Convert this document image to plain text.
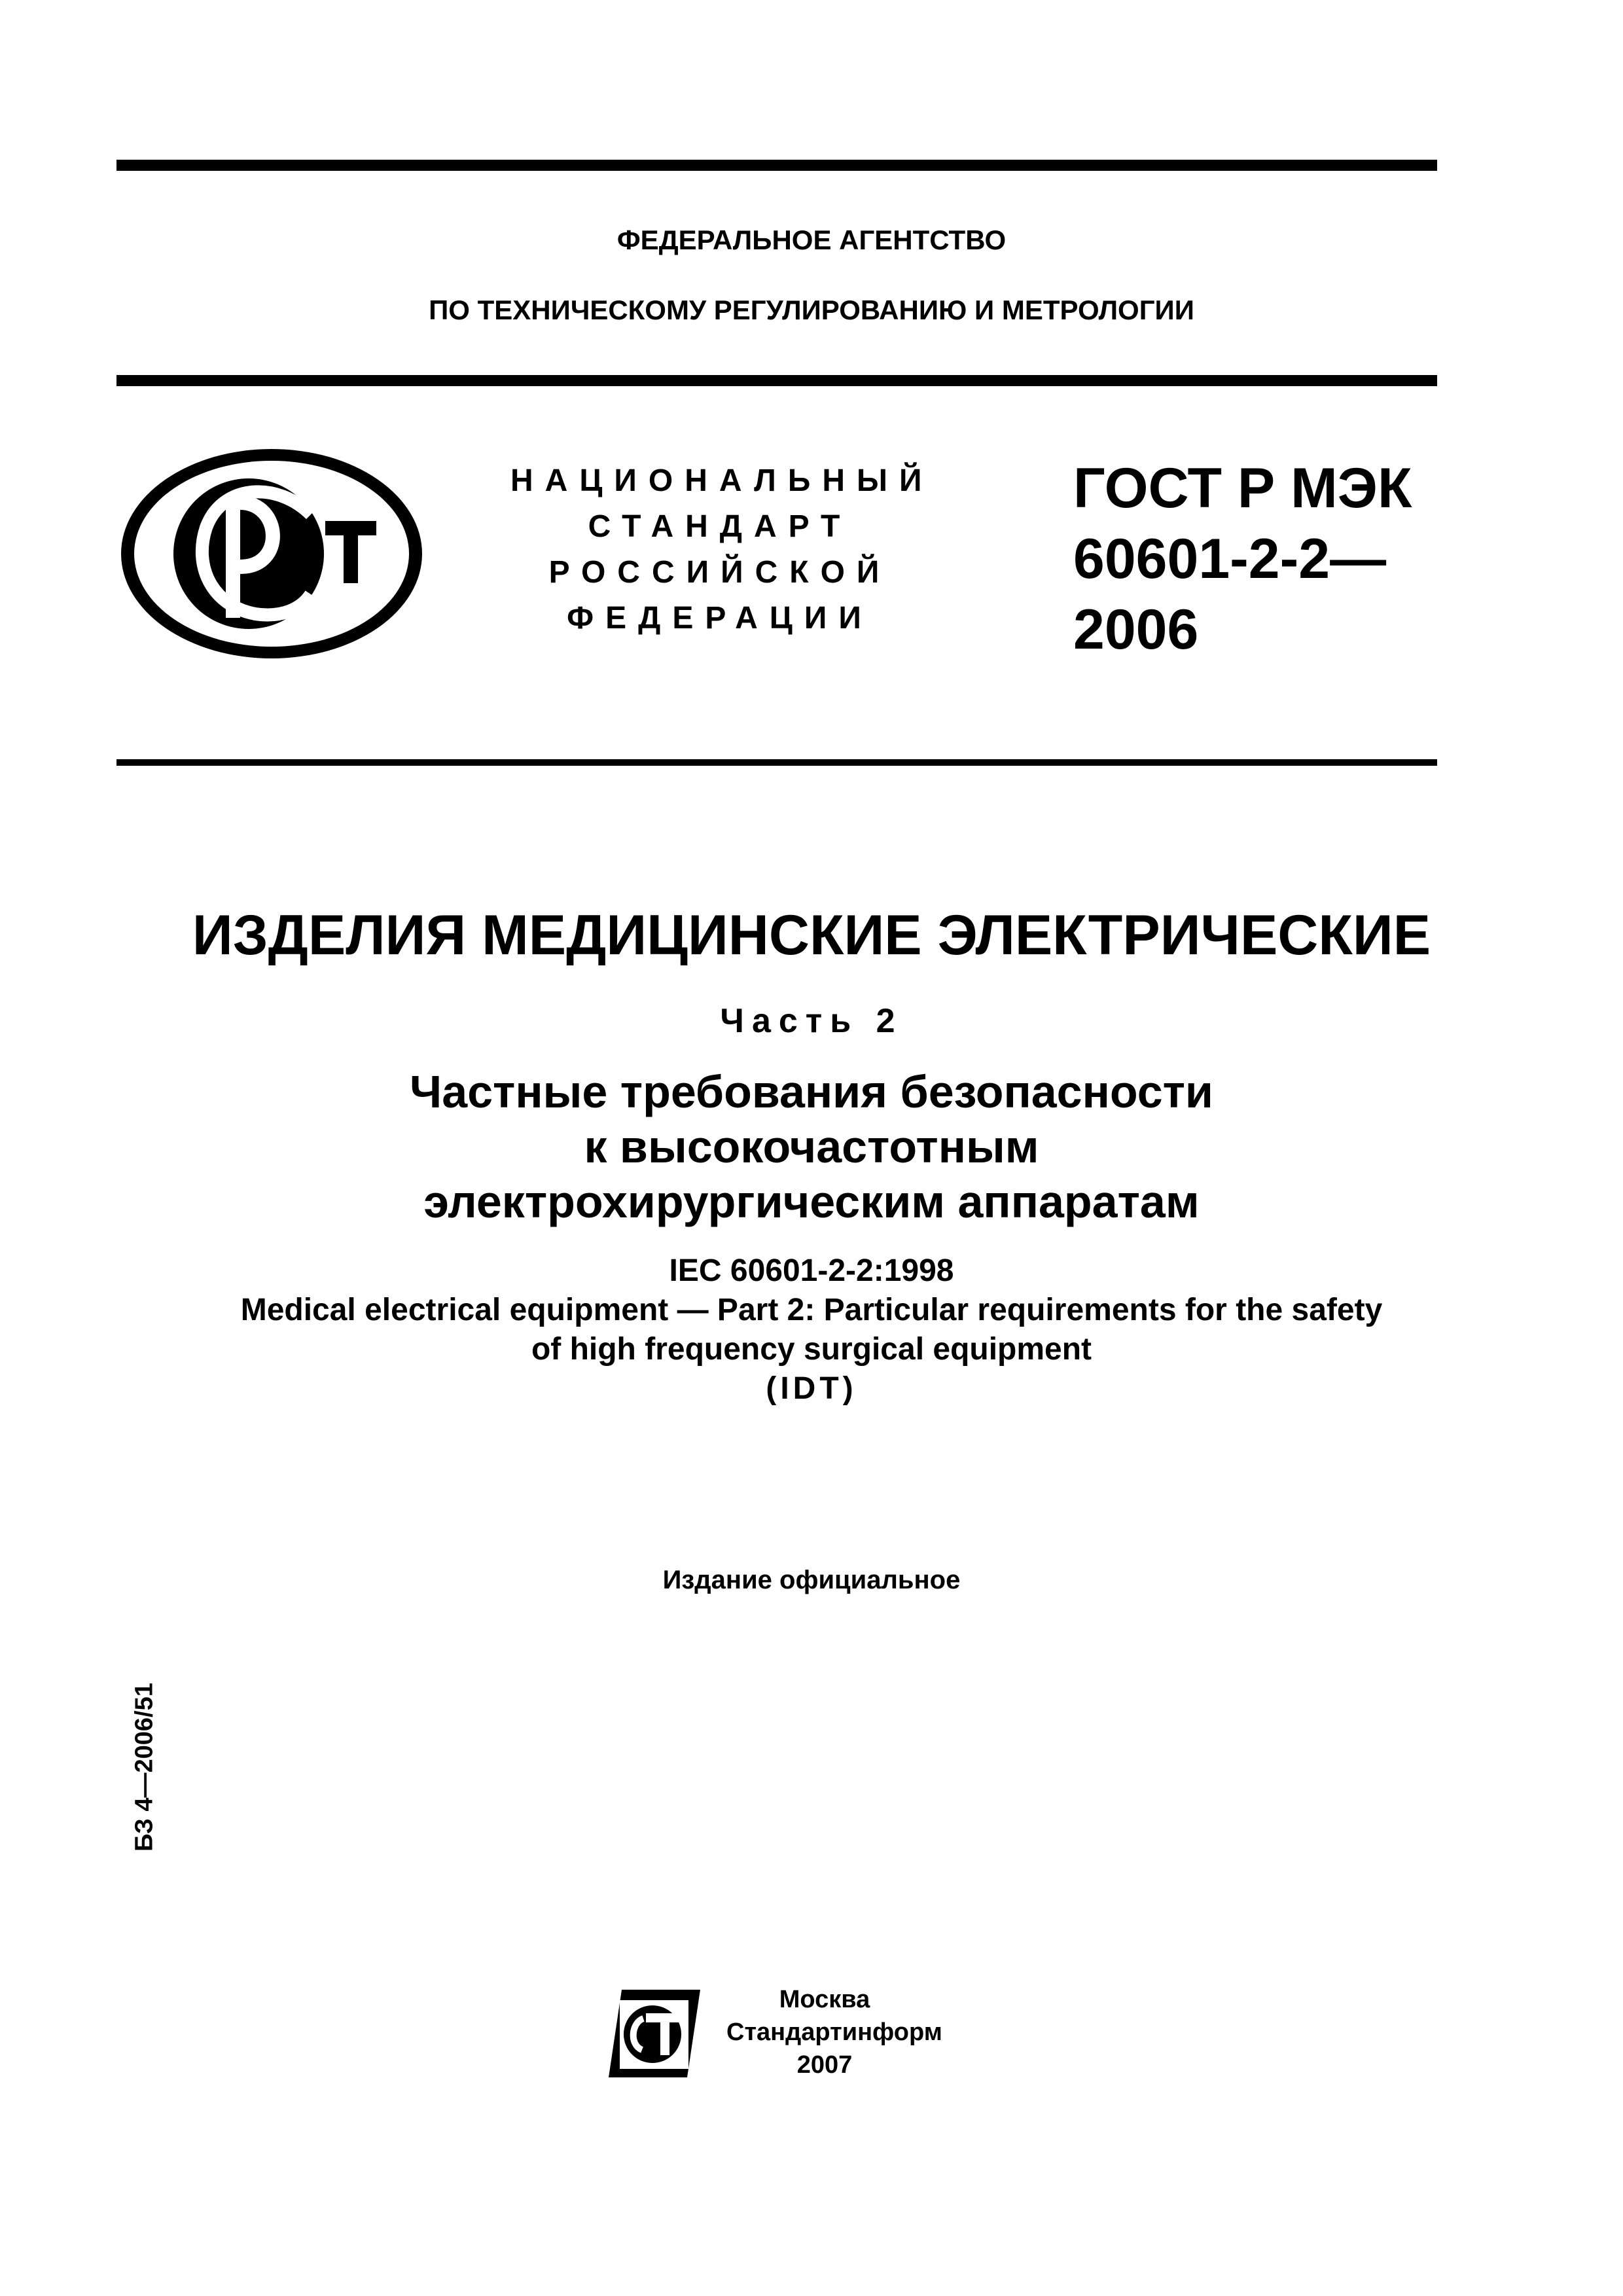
ФЕДЕРАЛЬНОЕ АГЕНТСТВО
ПО ТЕХНИЧЕСКОМУ РЕГУЛИРОВАНИЮ И МЕТРОЛОГИИ
НАЦИОНАЛЬНЫЙ
СТАНДАРТ
РОССИЙСКОЙ
ФЕДЕРАЦИИ
ГОСТ Р МЭК
60601-2-2—
2006
ИЗДЕЛИЯ МЕДИЦИНСКИЕ ЭЛЕКТРИЧЕСКИЕ
Часть 2
Частные требования безопасности
к высокочастотным
электрохирургическим аппаратам
IEC 60601-2-2:1998
Medical electrical equipment — Part 2: Particular requirements for the safety
of high frequency surgical equipment
(IDT)
Издание официальное
БЗ 4—2006/51
Москва
Стандартинформ
2007
